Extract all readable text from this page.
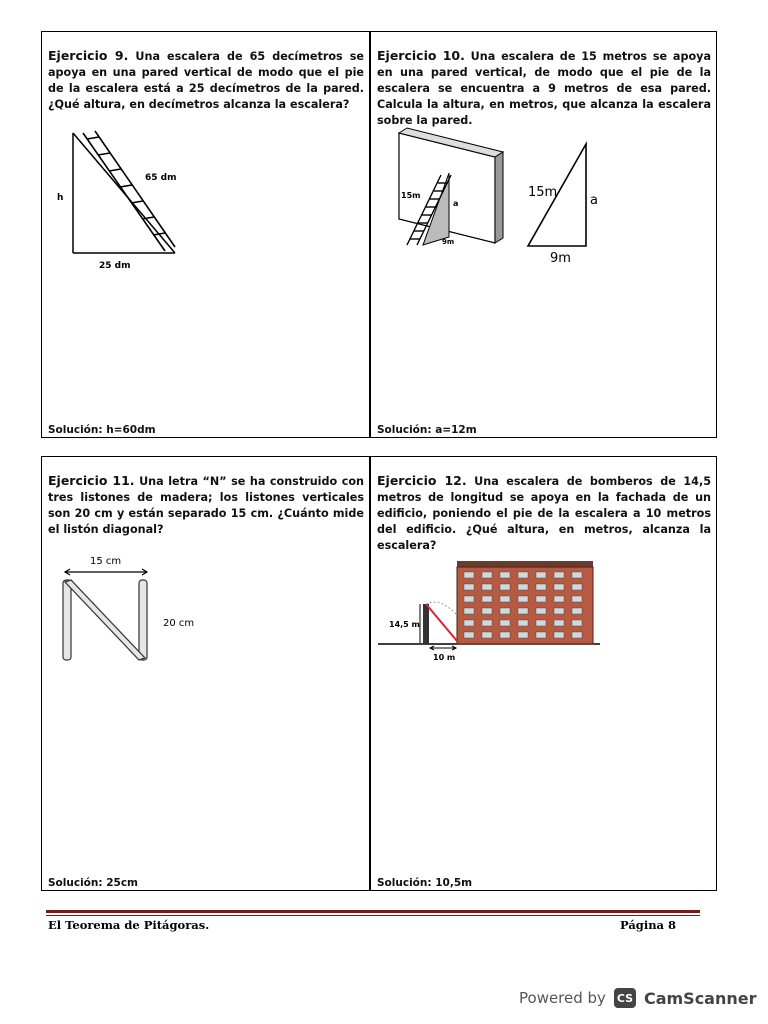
Ejercicio 9. Una escalera de 65 decímetros se apoya en una pared vertical de modo que el pie de la escalera está a 25 decímetros de la pared. ¿Qué altura, en decímetros alcanza la escalera?
h
65 dm
25 dm
Solución: h=60dm
Ejercicio 10. Una escalera de 15 metros se apoya en una pared vertical, de modo que el pie de la escalera se encuentra a 9 metros de esa pared. Calcula la altura, en metros, que alcanza la escalera sobre la pared.
15m
a
9m
15m
a
9m
Solución: a=12m
Ejercicio 11. Una letra “N” se ha construido con tres listones de madera; los listones verticales son 20 cm y están separado 15 cm. ¿Cuánto mide el listón diagonal?
15 cm
20 cm
Solución: 25cm
Ejercicio 12. Una escalera de bomberos de 14,5 metros de longitud se apoya en la fachada de un edificio, poniendo el pie de la escalera a 10 metros del edificio. ¿Qué altura, en metros, alcanza la escalera?
14,5 m
10 m
Solución: 10,5m
El Teorema de Pitágoras.	Página 8
Powered by CS CamScanner
